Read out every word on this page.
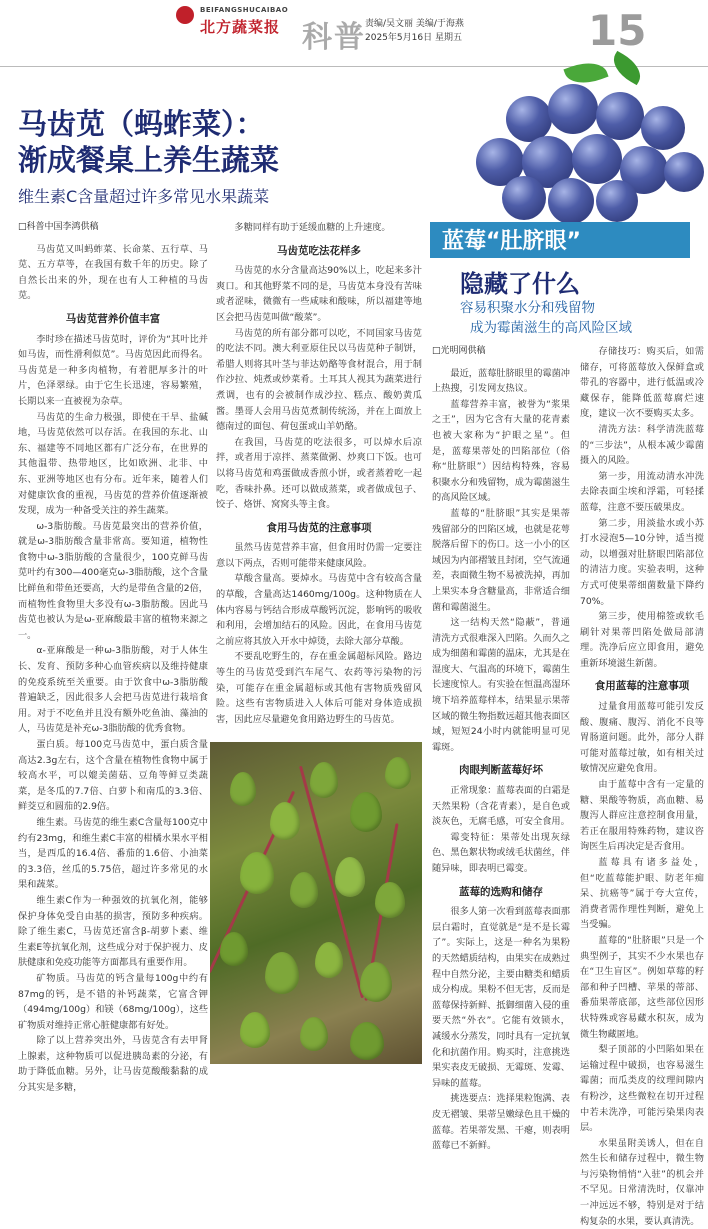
BEIFANGSHUCAIBAO
北方蔬菜报 科普 责编/吴文丽 美编/于海燕
2025年5月16日 星期五	15
马齿苋（蚂蚱菜）：
渐成餐桌上养生蔬菜
维生素C含量超过许多常见水果蔬菜
□科普中国李鸿供稿

马齿苋又叫蚂蚱菜、长命菜、五行草、马苋、五方草等，在我国有数千年的历史。除了自然长出来的外，现在也有人工种植的马齿苋。

马齿苋营养价值丰富

李时珍在描述马齿苋时，评价为“其叶比并如马齿，而性滑利似苋”。马齿苋因此而得名。马齿苋是一种多肉植物，有着肥厚多汁的叶片，色泽翠绿。由于它生长迅速，容易繁殖，长期以来一直被视为杂草。

马齿苋的生命力极强，即使在干旱、盐碱地，马齿苋依然可以存活。在我国的东北、山东、福建等不同地区都有广泛分布，在世界的其他温带、热带地区，比如欧洲、北非、中东、亚洲等地区也有分布。近年来，随着人们对健康饮食的重视，马齿苋的营养价值逐渐被发现，成为一种备受关注的养生蔬菜。

ω-3脂肪酸。马齿苋最突出的营养价值，就是ω-3脂肪酸含量非常高。要知道，植物性食物中ω-3脂肪酸的含量很少，100克鲜马齿苋叶约有300—400毫克ω-3脂肪酸，这个含量比鲜鱼和带鱼还要高，大约是带鱼含量的2倍，而植物性食物里大多没有ω-3脂肪酸。因此马齿苋也被认为是ω-亚麻酸最丰富的植物来源之一。

α-亚麻酸是一种ω-3脂肪酸，对于人体生长、发育、预防多种心血管疾病以及维持健康的免疫系统至关重要。由于饮食中ω-3脂肪酸普遍缺乏，因此很多人会把马齿苋进行栽培食用。对于不吃鱼并且没有额外吃鱼油、藻油的人，马齿苋是补充ω-3脂肪酸的优秀食物。

蛋白质。每100克马齿苋中，蛋白质含量高达2.3g左右，这个含量在植物性食物中属于较高水平，可以媲美菌菇、豆角等鲜豆类蔬菜，是冬瓜的7.7倍、白萝卜和南瓜的3.3倍、鲜茭豆和圆茄的2.9倍。

维生素。马齿苋的维生素C含量每100克中约有23mg，和维生素C丰富的柑橘水果水平相当，是西瓜的16.4倍、番茄的1.6倍、小油菜的3.3倍，丝瓜的5.75倍，超过许多常见的水果和蔬菜。

维生素C作为一种强效的抗氧化剂，能够保护身体免受自由基的损害，预防多种疾病。除了维生素C，马齿苋还富含β-胡萝卜素、维生素E等抗氧化剂，这些成分对于保护视力、皮肤健康和免疫功能等方面都具有重要作用。

矿物质。马齿苋的钙含量每100g中约有87mg的钙，是不错的补钙蔬菜，它富含钾（494mg/100g）和镁（68mg/100g），这些矿物质对维持正常心脏健康都有好处。

除了以上营养突出外，马齿苋含有去甲肾上腺素，这种物质可以促进胰岛素的分泌，有助于降低血糖。另外，让马齿苋酸酸黏黏的成分其实是多糖，

多糖同样有助于延缓血糖的上升速度。

马齿苋吃法花样多

马齿苋的水分含量高达90%以上，吃起来多汁爽口。和其他野菜不同的是，马齿苋本身没有苦味或者涩味，微微有一些咸味和酸味，所以福建等地区会把马齿苋叫做“酸菜”。

马齿苋的所有部分都可以吃，不同国家马齿苋的吃法不同。澳大利亚原住民以马齿苋种子制饼，希腊人则将其叶茎与菲达奶酪等食材混合，用于制作沙拉、炖煮或炒菜肴。土耳其人视其为蔬菜进行煮调，也有的会被制作成沙拉、糕点、酸奶黄瓜酱。墨哥人会用马齿苋煮制传统汤，并在上面放上德南过的面包、荷包蛋或山羊奶酪。

在我国，马齿苋的吃法很多，可以焯水后凉拌，或者用于凉拌、蒸菜做粥、炒爽口下饭。也可以将马齿苋和鸡蛋做成香煎小饼，或者蒸着吃一起吃，香味扑鼻。还可以做成蒸菜，或者做成包子、饺子、烙饼、窝窝头等主食。

食用马齿苋的注意事项

虽然马齿苋营养丰富，但食用时仍需一定要注意以下两点，否则可能带来健康风险。

草酸含量高。要焯水。马齿苋中含有较高含量的草酸，含量高达1460mg/100g。这种物质在人体内容易与钙结合形成草酸钙沉淀，影响钙的吸收和利用，会增加结石的风险。因此，在食用马齿苋之前应将其放入开水中焯烫，去除大部分草酸。

不要乱吃野生的，存在重金属超标风险。路边等生的马齿苋受到汽车尾气、农药等污染物的污染，可能存在重金属超标或其他有害物质残留风险。这些有害物质进入人体后可能对身体造成损害，因此应尽量避免食用路边野生的马齿苋。

蓝莓“肚脐眼”
隐藏了什么
容易积聚水分和残留物
成为霉菌滋生的高风险区域
□光明网供稿

最近，蓝莓肚脐眼里的霉菌冲上热搜，引发网友热议。

蓝莓营养丰富，被誉为“浆果之王”，因为它含有大量的花青素也被大家称为“护眼之星”。但是，蓝莓果蒂处的凹陷部位（俗称“肚脐眼”）因结构特殊，容易积聚水分和残留物，成为霉菌滋生的高风险区域。

蓝莓的“肚脐眼”其实是果蒂残留部分的凹陷区域，也就是花萼脱落后留下的伤口。这一小小的区域因为内部褶皱且封闭，空气流通差，表面微生物不易被洗掉，再加上果实本身含糖量高，非常适合细菌和霉菌滋生。

这一结构天然“隐蔽”，普通清洗方式很难深入凹陷。久而久之成为细菌和霉菌的温床，尤其是在湿度大、气温高的环境下，霉菌生长速度惊人。有实验在恒温高湿环境下培养蓝莓样本，结果显示果蒂区域的微生物指数远超其他表面区域，短短24小时内就能明显可见霉斑。

肉眼判断蓝莓好坏

正常现象：蓝莓表面的白霜是天然果粉（含花青素），是自色或淡灰色，无腐毛感，可安全食用。

霉变特征：果蒂处出现灰绿色、黑色絮状物或绒毛状菌丝，伴随异味，即表明已霉变。

蓝莓的选购和储存

很多人第一次看到蓝莓表面那层白霜时，直觉就是“是不是长霉了”。实际上，这是一种名为果粉的天然蜡质结构，由果实在成熟过程中自然分泌，主要由糖类和蜡质成分构成。果粉不但无害，反而是蓝莓保持新鲜、抵御细菌入侵的重要天然“外衣”。它能有效锁水，减缓水分蒸发，同时具有一定抗氧化和抗菌作用。购买时，注意挑选果实表皮无破损、无霉斑、发霉、异味的蓝莓。

挑选要点：选择果粒饱满、表皮无褶皱、果蒂呈嫩绿色且干燥的蓝莓。若果蒂发黑、干瘪，则表明蓝莓已不新鲜。

存储技巧：购买后，如需储存，可将蓝莓放入保鲜盒或带孔的容器中，进行低温或冷藏保存，能降低蓝莓腐烂速度，建议一次不要购买太多。

清洗方法：科学清洗蓝莓的“三步法”，从根本减少霉菌摄入的风险。

第一步，用流动清水冲洗去除表面尘埃和浮霜，可轻揉蓝莓，注意不要压破果皮。

第二步，用淡盐水或小苏打水浸泡5—10分钟，适当搅动，以增强对肚脐眼凹陷部位的清洁力度。实验表明，这种方式可使果蒂细菌数量下降约70%。

第三步，使用棉签或软毛刷针对果蒂凹陷处做局部清理。洗净后应立即食用，避免重新环境滋生新菌。

食用蓝莓的注意事项

过量食用蓝莓可能引发反酸、腹痛、腹泻、消化不良等胃肠道问题。此外，部分人群可能对蓝莓过敏，如有相关过敏情况应避免食用。

由于蓝莓中含有一定量的糖、果酸等物质，高血糖、易腹泻人群应注意控制食用量，若正在服用特殊药物，建议咨询医生后再决定是否食用。

蓝莓具有诸多益处，但“吃蓝莓能护眼、防老年痴呆、抗癌等”属于夸大宣传，消费者需作理性判断，避免上当受骗。

蓝莓的“肚脐眼”只是一个典型例子，其实不少水果也存在“卫生盲区”。例如草莓的籽部和种子凹槽、苹果的蒂部、番茄果蒂底部，这些部位因形状特殊或容易藏水积灰，成为微生物藏匿地。

梨子顶部的小凹陷如果在运输过程中破损，也容易滋生霉菌；而瓜类皮的纹理间隙内有粉沙，这些微粒在切开过程中若未洗净，可能污染果肉表层。

水果虽附美诱人，但在自然生长和储存过程中，微生物与污染物悄悄“入驻”的机会并不罕见。日常清洗时，仅靠冲一冲远远不够，特别是对于结构复杂的水果，要认真清洗。
